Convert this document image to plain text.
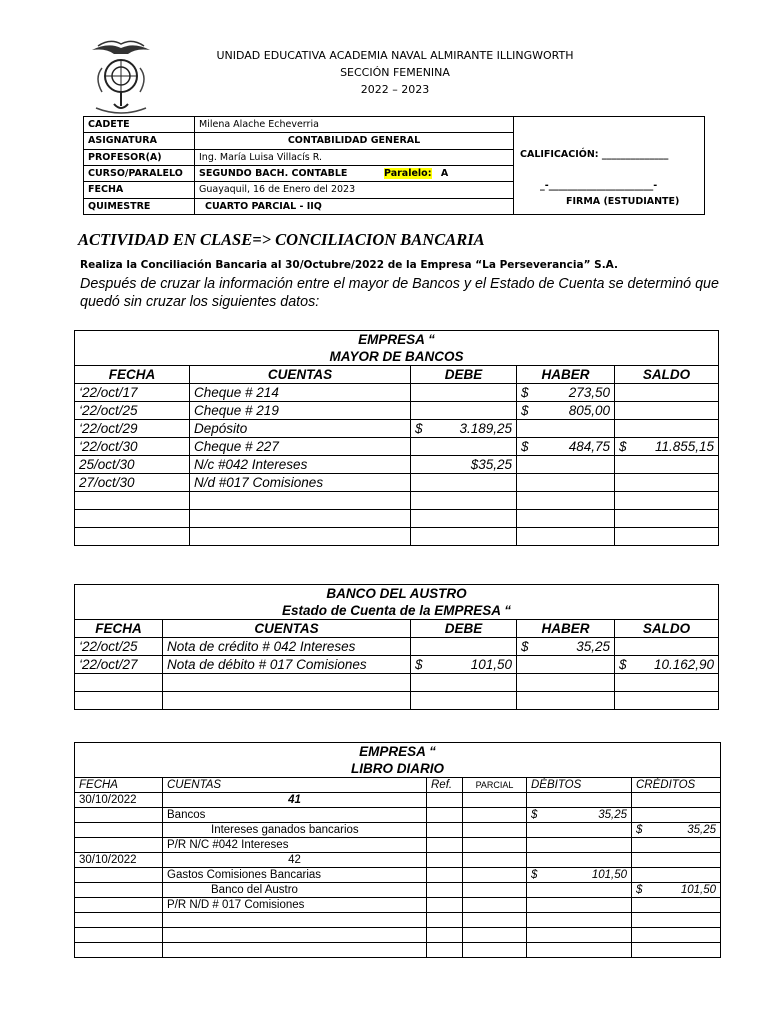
UNIDAD EDUCATIVA ACADEMIA NAVAL ALMIRANTE ILLINGWORTH
SECCIÓN FEMENINA
2022 – 2023
CADETE	Milena Alache Echeverria	CALIFICACIÓN: ______________
_-______________________-
FIRMA (ESTUDIANTE)

ASIGNATURA	CONTABILIDAD GENERAL	
PROFESOR(A)	Ing. María Luisa Villacís R.	
CURSO/PARALELO	SEGUNDO BACH. CONTABLE Paralelo: A	
FECHA	Guayaquil, 16 de Enero del 2023	
QUIMESTRE	CUARTO PARCIAL - IIQ	
ACTIVIDAD EN CLASE=> CONCILIACION BANCARIA
Realiza la Conciliación Bancaria al 30/Octubre/2022 de la Empresa “La Perseverancia” S.A.
Después de cruzar la información entre el mayor de Bancos y el Estado de Cuenta se determinó que quedó sin cruzar los siguientes datos:
EMPRESA “
MAYOR DE BANCOS				

FECHA	CUENTAS	DEBE	HABER	SALDO
‘22/oct/17	Cheque # 214		$ 273,50	

‘22/oct/25	Cheque # 219		$ 805,00	

‘22/oct/29	Depósito	$ 3.189,25		

‘22/oct/30	Cheque # 227		$ 484,75	$ 11.855,15

25/oct/30	N/c #042 Intereses	$35,25		

27/oct/30	N/d #017 Comisiones	

BANCO DEL AUSTRO
Estado de Cuenta de la EMPRESA “				

FECHA	CUENTAS	DEBE	HABER	SALDO
‘22/oct/25	Nota de crédito # 042 Intereses		$ 35,25	

‘22/oct/27	Nota de débito # 017 Comisiones	$ 101,50		$ 10.162,90

EMPRESA “
LIBRO DIARIO					

FECHA	CUENTAS	Ref.	PARCIAL	DÉBITOS	CRÉDITOS
30/10/2022	41			

	Bancos			$ 35,25	

	Intereses ganados bancarios				$ 35,25

	P/R N/C #042 Intereses			

30/10/2022	42			

	Gastos Comisiones Bancarias			$ 101,50	

	Banco del Austro				$ 101,50

	P/R N/D # 017 Comisiones			
